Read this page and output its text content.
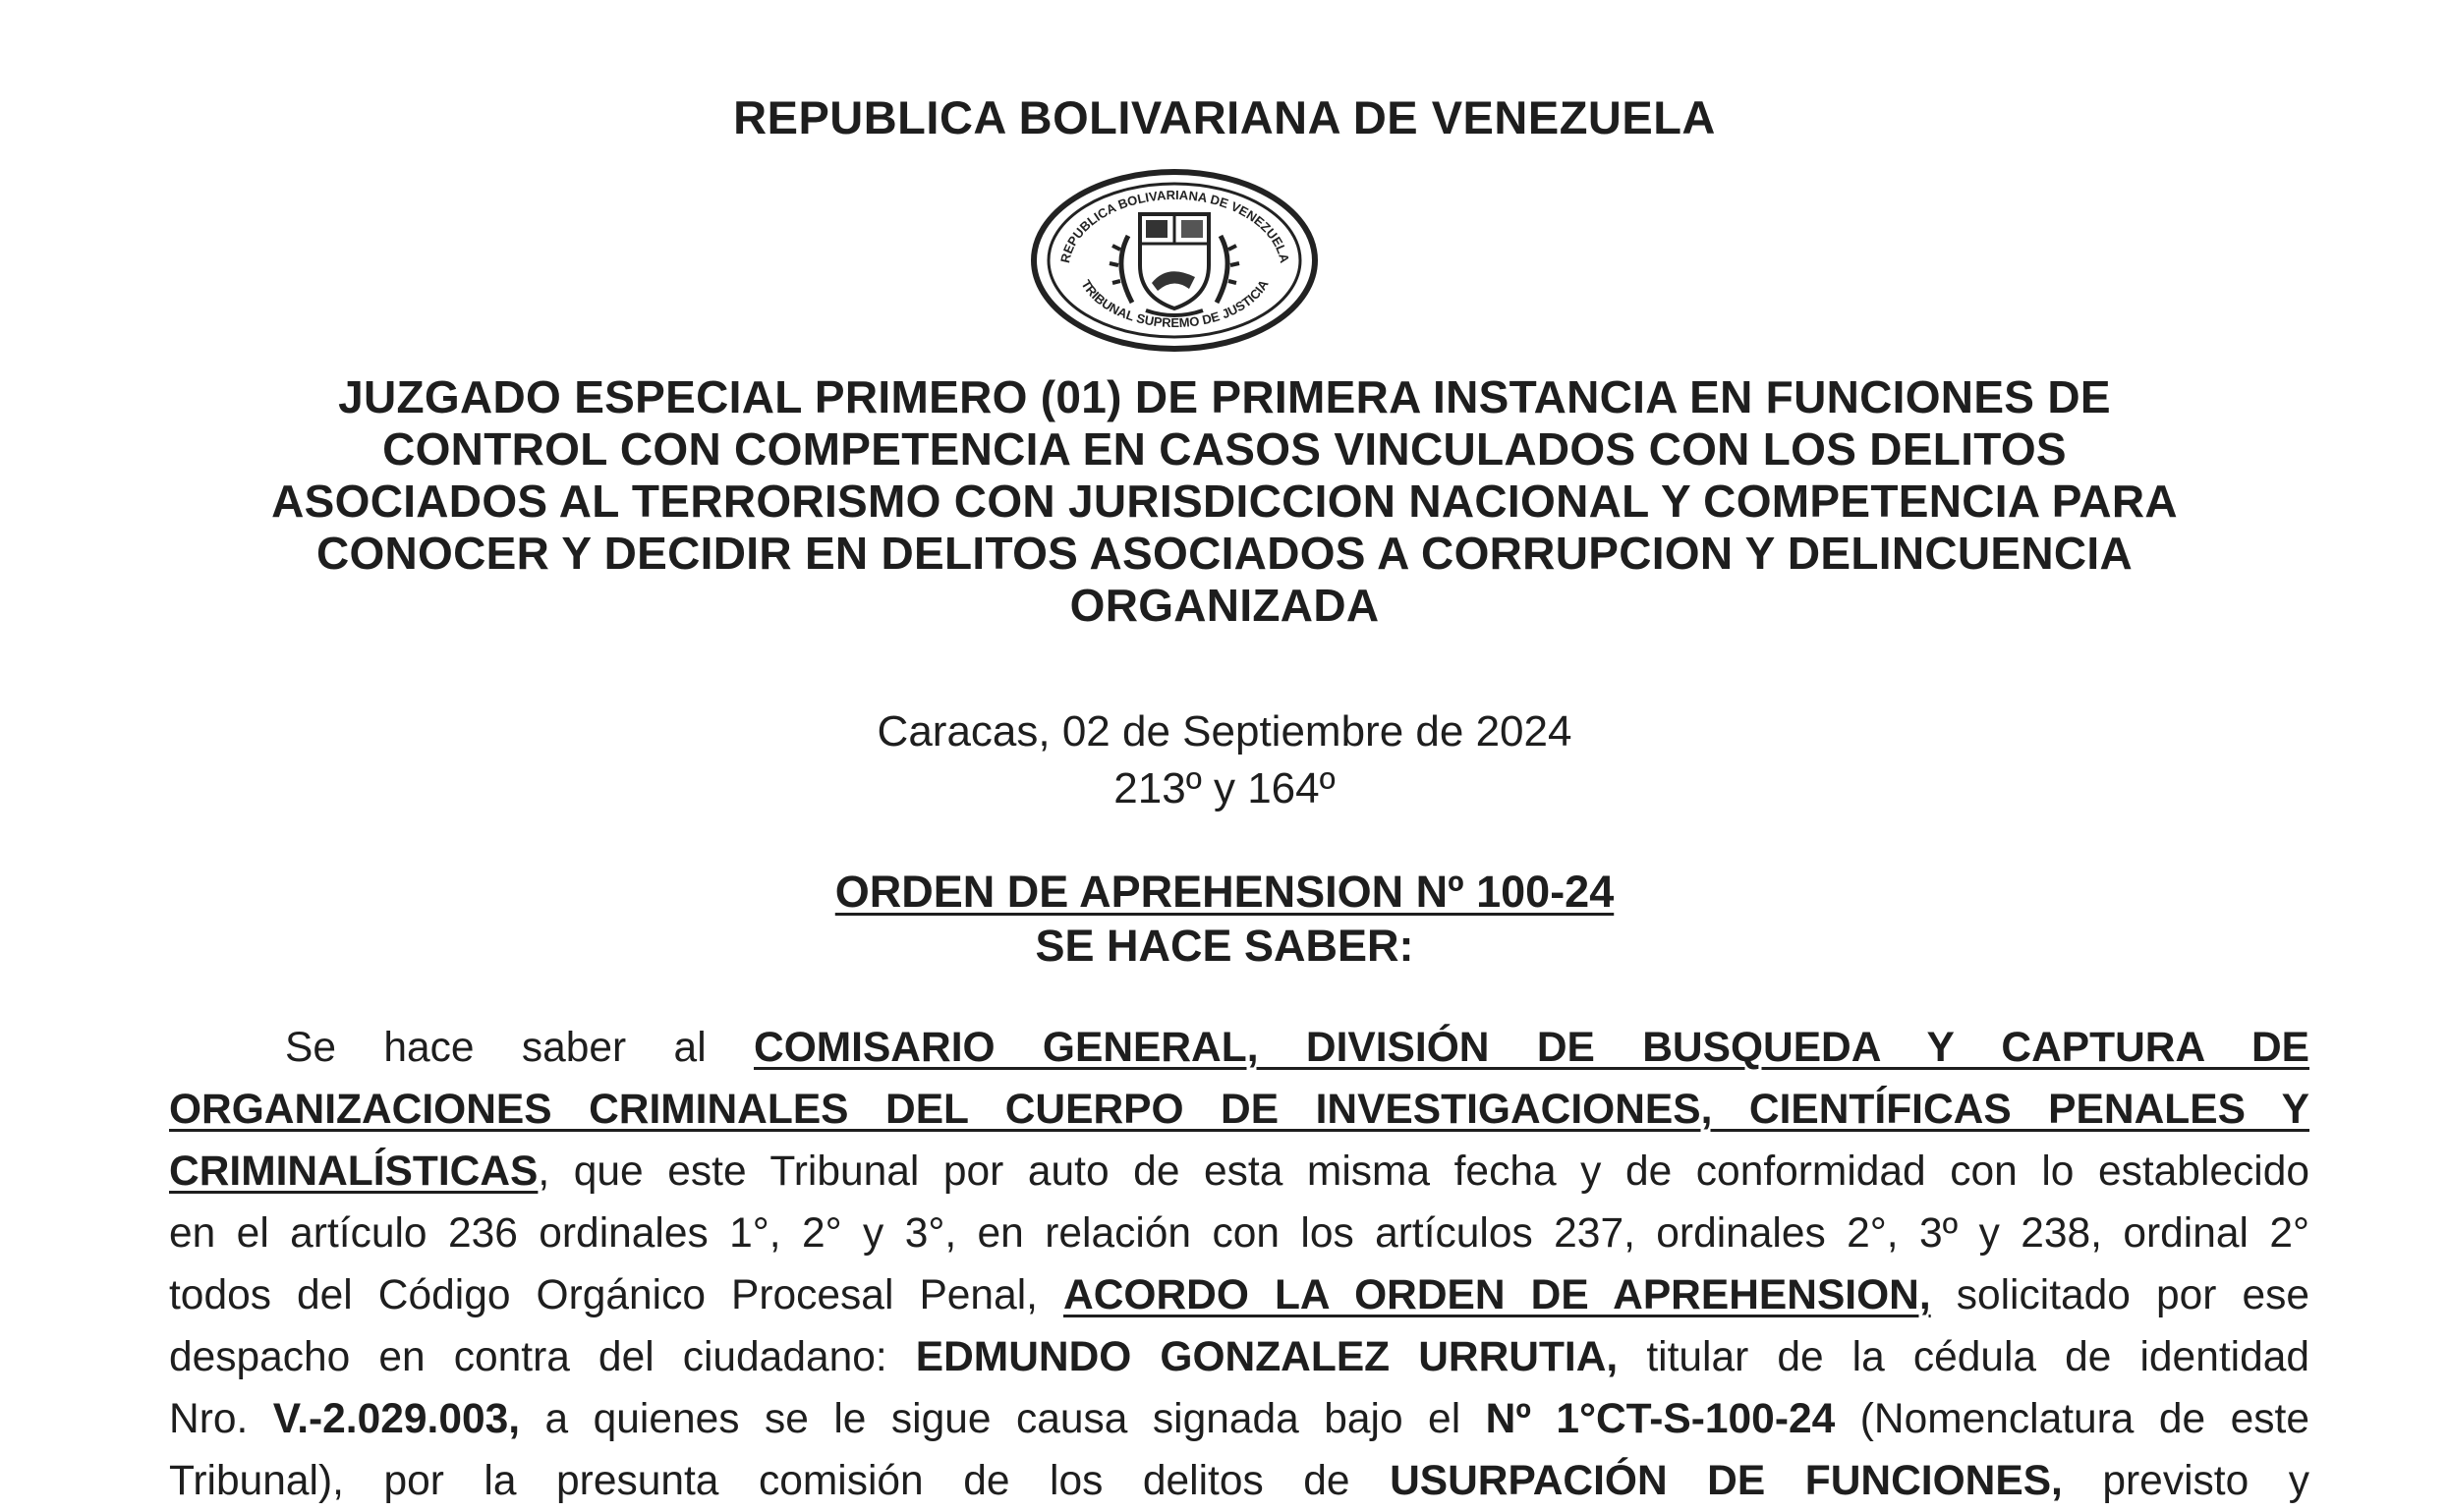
REPUBLICA BOLIVARIANA DE VENEZUELA
REPUBLICA BOLIVARIANA DE VENEZUELA
TRIBUNAL SUPREMO DE JUSTICIA
JUZGADO ESPECIAL PRIMERO (01) DE PRIMERA INSTANCIA EN FUNCIONES DE
CONTROL CON COMPETENCIA EN CASOS VINCULADOS CON LOS DELITOS
ASOCIADOS AL TERRORISMO CON JURISDICCION NACIONAL Y COMPETENCIA PARA
CONOCER Y DECIDIR EN DELITOS ASOCIADOS A CORRUPCION Y DELINCUENCIA
ORGANIZADA
Caracas, 02 de Septiembre de 2024
213º y 164º
ORDEN DE APREHENSION Nº 100-24
SE HACE SABER:
Se hace saber al COMISARIO GENERAL, DIVISIÓN DE BUSQUEDA Y CAPTURA DE
ORGANIZACIONES CRIMINALES DEL CUERPO DE INVESTIGACIONES, CIENTÍFICAS PENALES Y
CRIMINALÍSTICAS, que este Tribunal por auto de esta misma fecha y de conformidad con lo establecido
en el artículo 236 ordinales 1°, 2° y 3°, en relación con los artículos 237, ordinales 2°, 3º y 238, ordinal 2°
todos del Código Orgánico Procesal Penal, ACORDO LA ORDEN DE APREHENSION, solicitado por ese
despacho en contra del ciudadano: EDMUNDO GONZALEZ URRUTIA, titular de la cédula de identidad
Nro. V.-2.029.003, a quienes se le sigue causa signada bajo el Nº 1°CT-S-100-24 (Nomenclatura de este
Tribunal), por la presunta comisión de los delitos de USURPACIÓN DE FUNCIONES, previsto y
